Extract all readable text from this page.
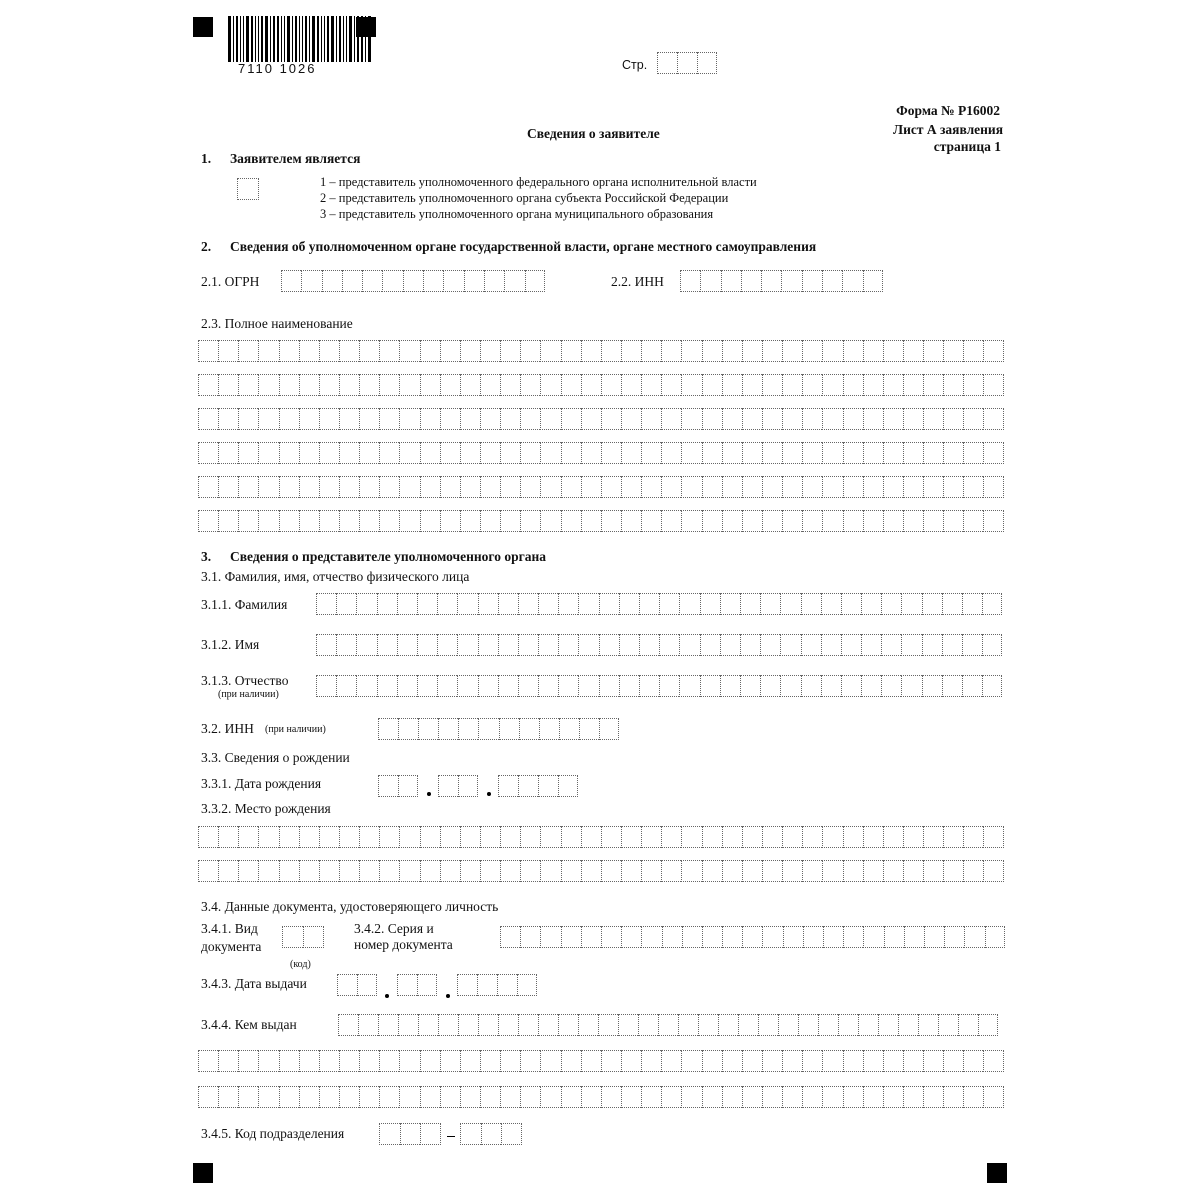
7110 1026	Стр.
Форма № Р16002
Лист А заявления
страница 1
Сведения о заявителе
1. Заявителем является
1 – представитель уполномоченного федерального органа исполнительной власти
2 – представитель уполномоченного органа субъекта Российской Федерации
3 – представитель уполномоченного органа муниципального образования
2. Сведения об уполномоченном органе государственной власти, органе местного самоуправления
2.1. ОГРН	2.2. ИНН
2.3. Полное наименование
3. Сведения о представителе уполномоченного органа
3.1. Фамилия, имя, отчество физического лица
3.1.1. Фамилия
3.1.2. Имя
3.1.3. Отчество
(при наличии)
3.2. ИНН (при наличии)
3.3. Сведения о рождении
3.3.1. Дата рождения
3.3.2. Место рождения
3.4. Данные документа, удостоверяющего личность
3.4.1. Вид
документа
(код)
3.4.2. Серия и
номер документа
3.4.3. Дата выдачи
3.4.4. Кем выдан
3.4.5. Код подразделения
